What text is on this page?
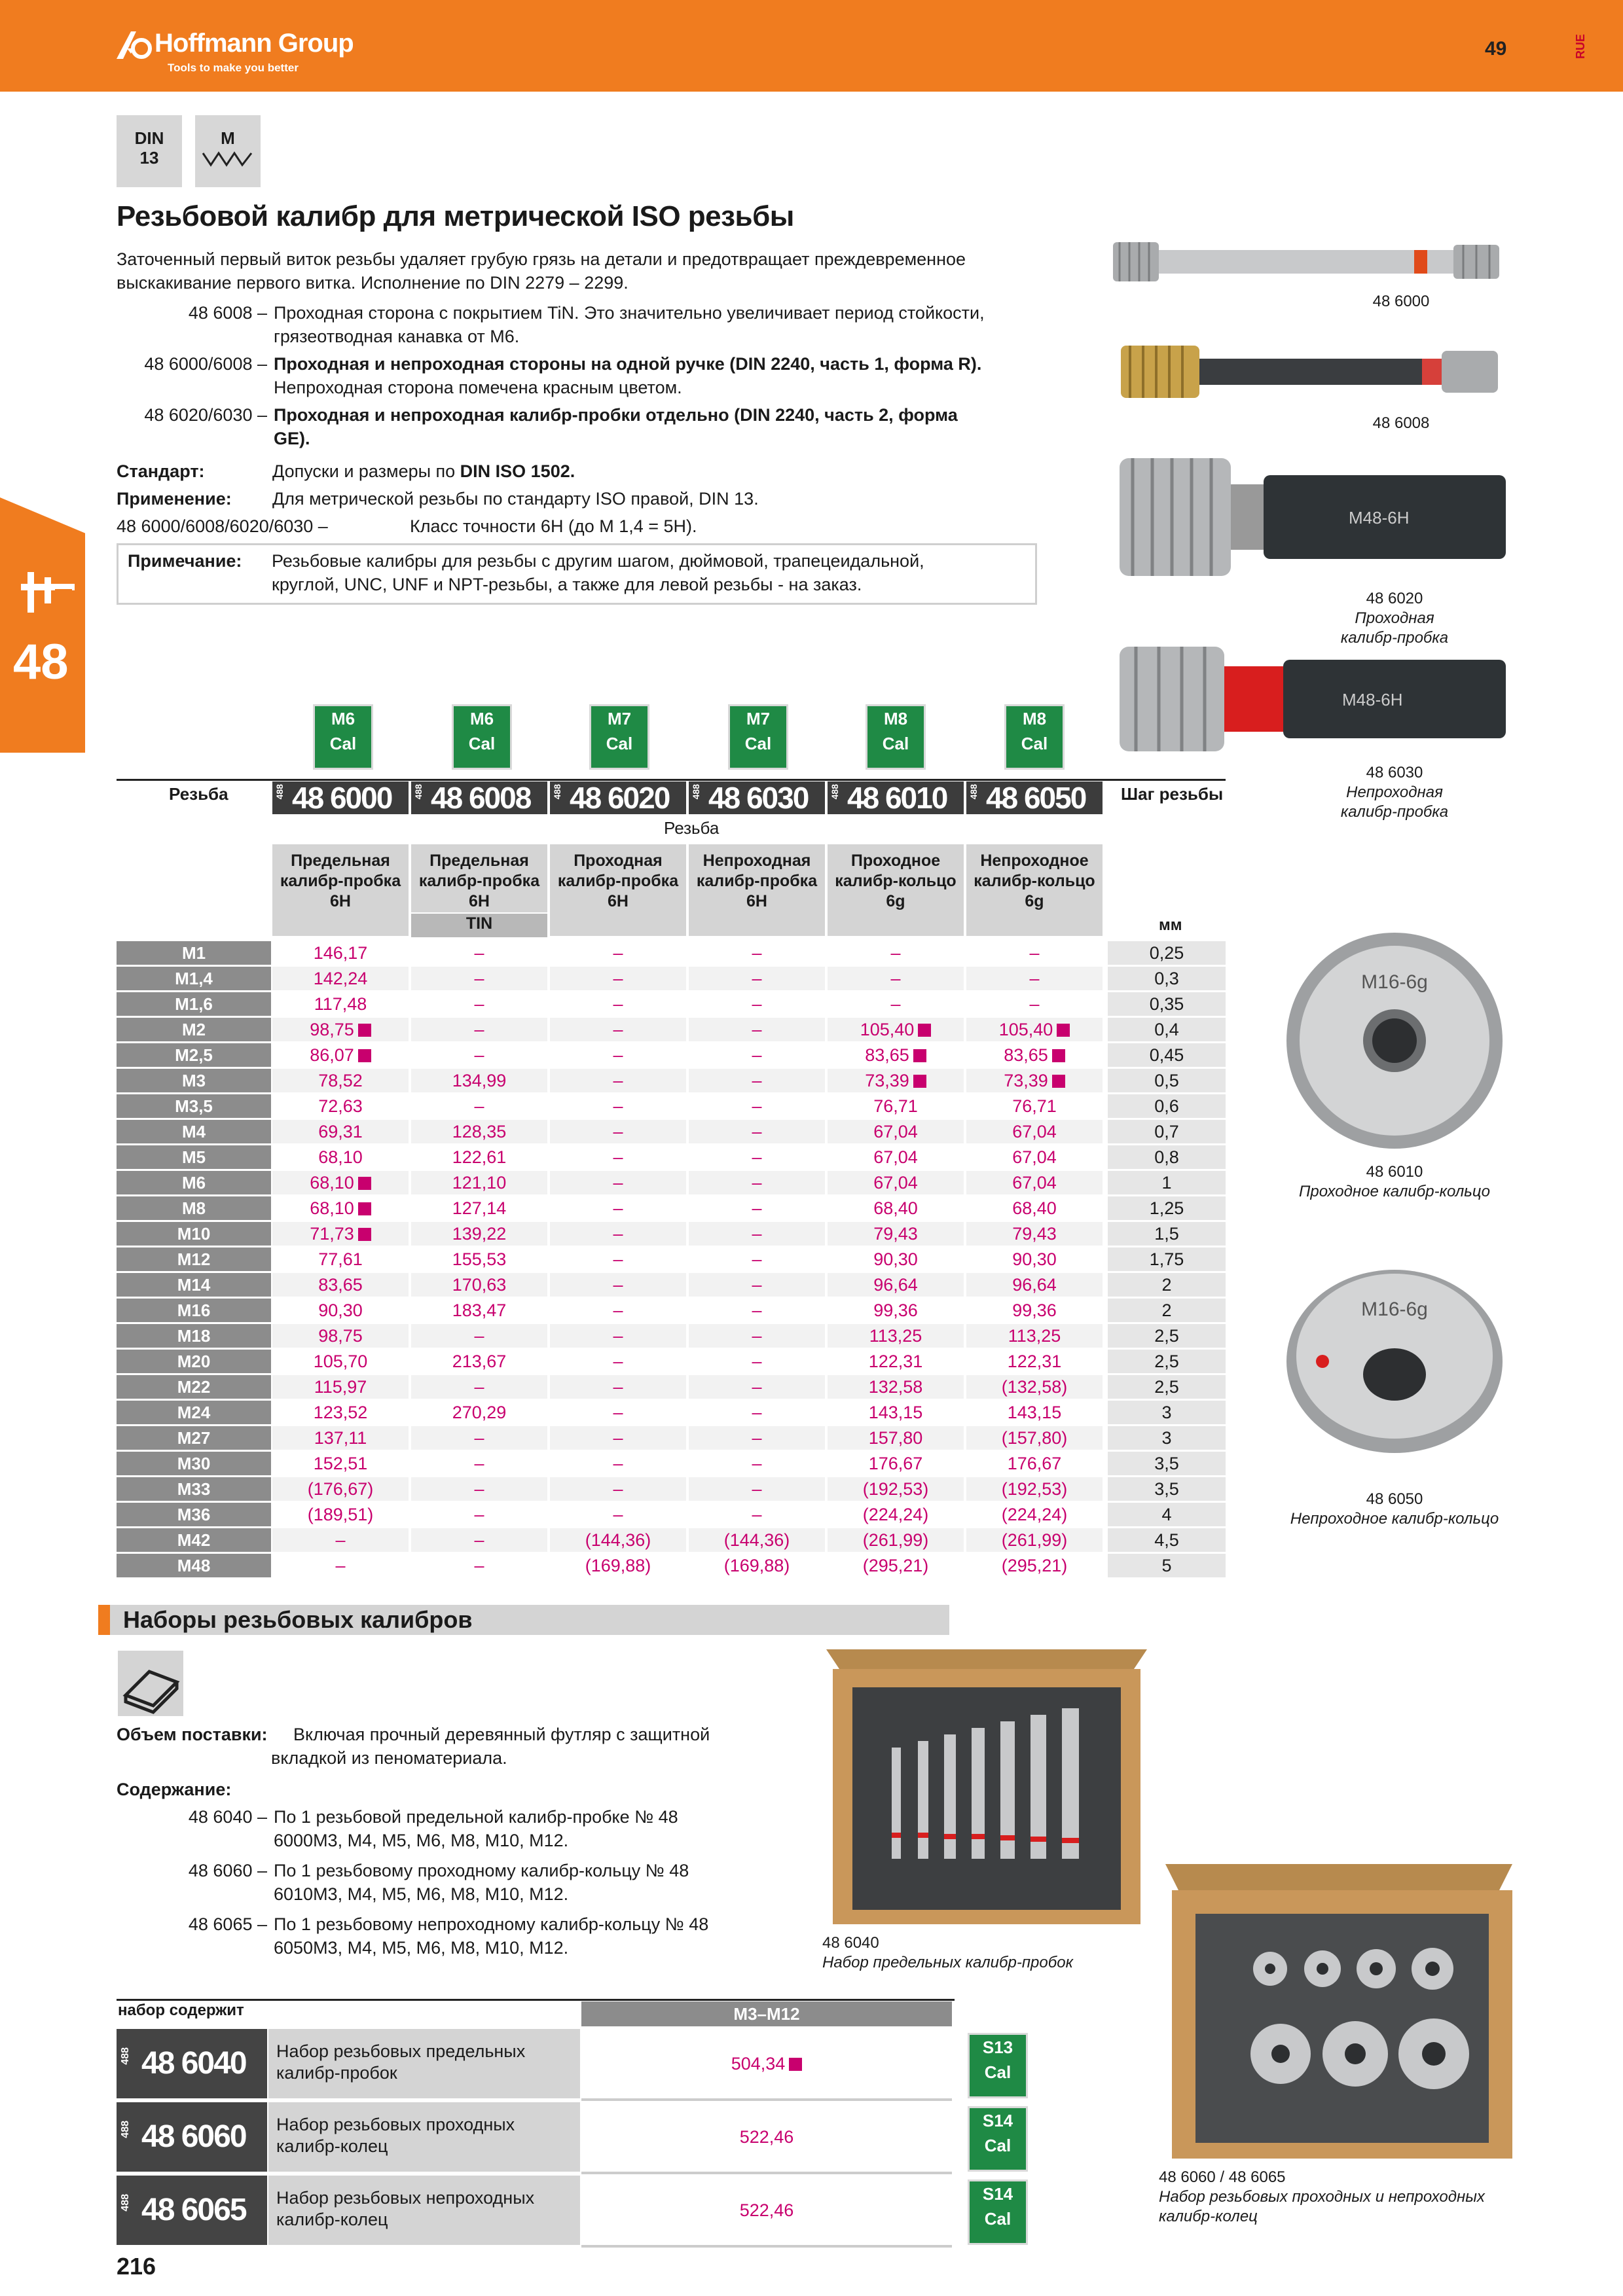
Hoffmann Group
Tools to make you better
49	RUE
48
DIN
13
M
Резьбовой калибр для метрической ISO резьбы
Заточенный первый виток резьбы удаляет грубую грязь на детали и предотвращает преждевременное
выскакивание первого витка. Исполнение по DIN 2279 – 2299.
48 6008 – Проходная сторона с покрытием TiN. Это значительно увеличивает период стойкости,
грязеотводная канавка от M6.
48 6000/6008 – Проходная и непроходная стороны на одной ручке (DIN 2240, часть 1, форма R).
Непроходная сторона помечена красным цветом.
48 6020/6030 – Проходная и непроходная калибр-пробки отдельно (DIN 2240, часть 2, форма
GE).
Стандарт:	Допуски и размеры по DIN ISO 1502.
Применение: Для метрической резьбы по стандарту ISO правой, DIN 13.
48 6000/6008/6020/6030 –	Класс точности 6H (до M 1,4 = 5H).
Примечание:	Резьбовые калибры для резьбы с другим шагом, дюймовой, трапецеидальной,
круглой, UNC, UNF и NPT-резьбы, а также для левой резьбы - на заказ.
48 6000
48 6008
M48-6H
48 6020
Проходная калибр-пробка
M48-6H
48 6030
Непроходная калибр-пробка
M16-6g
48 6010
Проходное калибр-кольцо
M16-6g
48 6050
Непроходное калибр-кольцо
M6
Cal
M6
Cal
M7
Cal
M7
Cal
M8
Cal
M8
Cal
Резьба	Шаг резьбы
Резьба
мм
488 48 6000
Предельная
калибр-пробка
6H
488 48 6008
Предельная
калибр-пробка
6H
TIN
488 48 6020
Проходная
калибр-пробка
6H
488 48 6030
Непроходная
калибр-пробка
6H
488 48 6010
Проходное
калибр-кольцо
6g
488 48 6050
Непроходное
калибр-кольцо
6g
M1	146,17	–	–	–	–	–	0,25
M1,4	142,24	–	–	–	–	–	0,3
M1,6	117,48	–	–	–	–	–	0,35
M2	98,75	–	–	–	105,40	105,40	0,4
M2,5	86,07	–	–	–	83,65	83,65	0,45
M3	78,52	134,99	–	–	73,39	73,39	0,5
M3,5	72,63	–	–	–	76,71	76,71	0,6
M4	69,31	128,35	–	–	67,04	67,04	0,7
M5	68,10	122,61	–	–	67,04	67,04	0,8
M6	68,10	121,10	–	–	67,04	67,04	1
M8	68,10	127,14	–	–	68,40	68,40	1,25
M10	71,73	139,22	–	–	79,43	79,43	1,5
M12	77,61	155,53	–	–	90,30	90,30	1,75
M14	83,65	170,63	–	–	96,64	96,64	2
M16	90,30	183,47	–	–	99,36	99,36	2
M18	98,75	–	–	–	113,25	113,25	2,5
M20	105,70	213,67	–	–	122,31	122,31	2,5
M22	115,97	–	–	–	132,58	(132,58)	2,5
M24	123,52	270,29	–	–	143,15	143,15	3
M27	137,11	–	–	–	157,80	(157,80)	3
M30	152,51	–	–	–	176,67	176,67	3,5
M33	(176,67)	–	–	–	(192,53)	(192,53)	3,5
M36	(189,51)	–	–	–	(224,24)	(224,24)	4
M42	–	–	(144,36)	(144,36)	(261,99)	(261,99)	4,5
M48	–	–	(169,88)	(169,88)	(295,21)	(295,21)	5
Наборы резьбовых калибров
Объем поставки:	Включая прочный деревянный футляр с защитной
вкладкой из пеноматериала.
Содержание:
48 6040 – По 1 резьбовой предельной калибр-пробке № 48
6000M3, M4, M5, M6, M8, M10, M12.
48 6060 – По 1 резьбовому проходному калибр-кольцу № 48
6010M3, M4, M5, M6, M8, M10, M12.
48 6065 – По 1 резьбовому непроходному калибр-кольцу № 48
6050M3, M4, M5, M6, M8, M10, M12.	48 6040
Набор предельных калибр-пробок
48 6060 / 48 6065
Набор резьбовых проходных и непроходных
калибр-колец
набор содержит	M3–M12
488 48 6040	Набор резьбовых предельных
калибр-пробок	504,34
S13
Cal
488 48 6060	Набор резьбовых проходных
калибр-колец	522,46
S14
Cal
488 48 6065	Набор резьбовых непроходных
калибр-колец	522,46
S14
Cal
216
